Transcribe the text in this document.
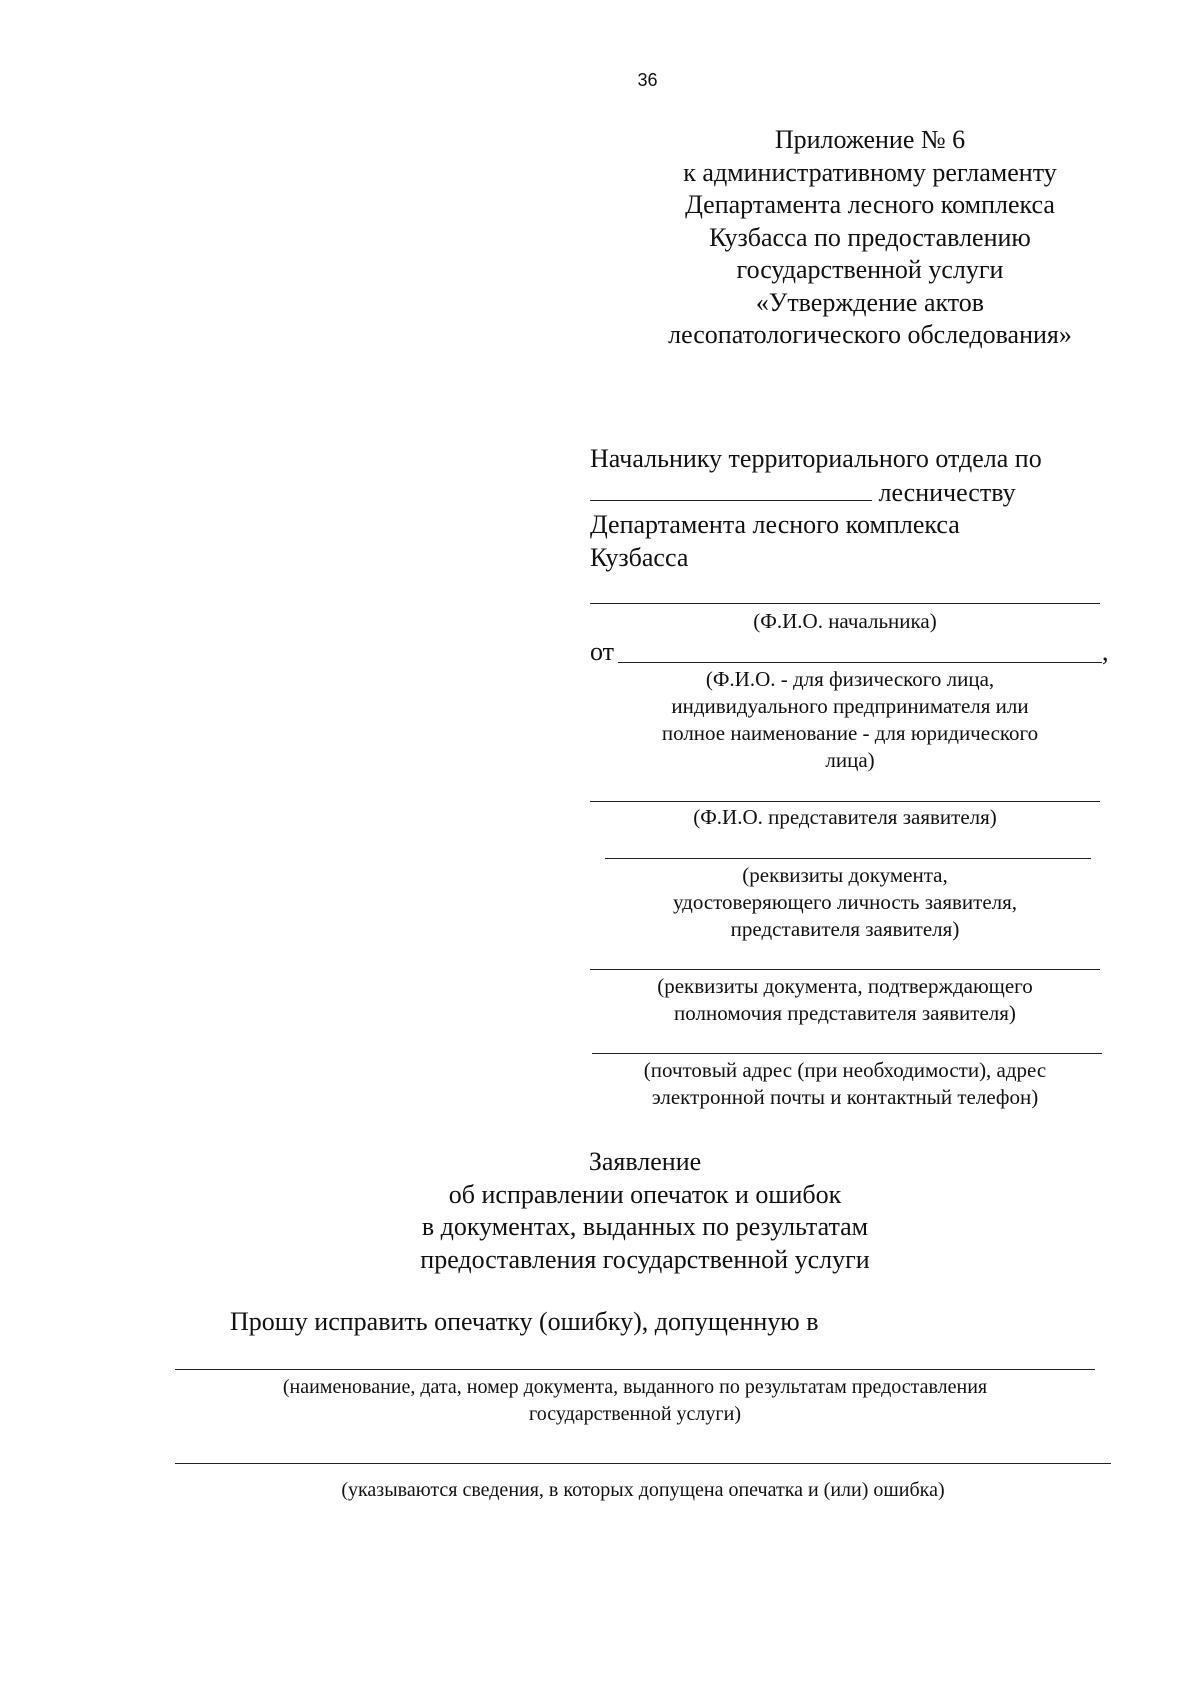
36
Приложение № 6
к административному регламенту
Департамента лесного комплекса
Кузбасса по предоставлению
государственной услуги
«Утверждение актов
лесопатологического обследования»
Начальнику территориального отдела по
лесничеству
Департамента лесного комплекса
Кузбасса
(Ф.И.О. начальника)
от	,
(Ф.И.О. - для физического лица,
индивидуального предпринимателя или
полное наименование - для юридического
лица)
(Ф.И.О. представителя заявителя)
(реквизиты документа,
удостоверяющего личность заявителя,
представителя заявителя)
(реквизиты документа, подтверждающего
полномочия представителя заявителя)
(почтовый адрес (при необходимости), адрес
электронной почты и контактный телефон)
Заявление
об исправлении опечаток и ошибок
в документах, выданных по результатам
предоставления государственной услуги
Прошу исправить опечатку (ошибку), допущенную в
(наименование, дата, номер документа, выданного по результатам предоставления
государственной услуги)
(указываются сведения, в которых допущена опечатка и (или) ошибка)
